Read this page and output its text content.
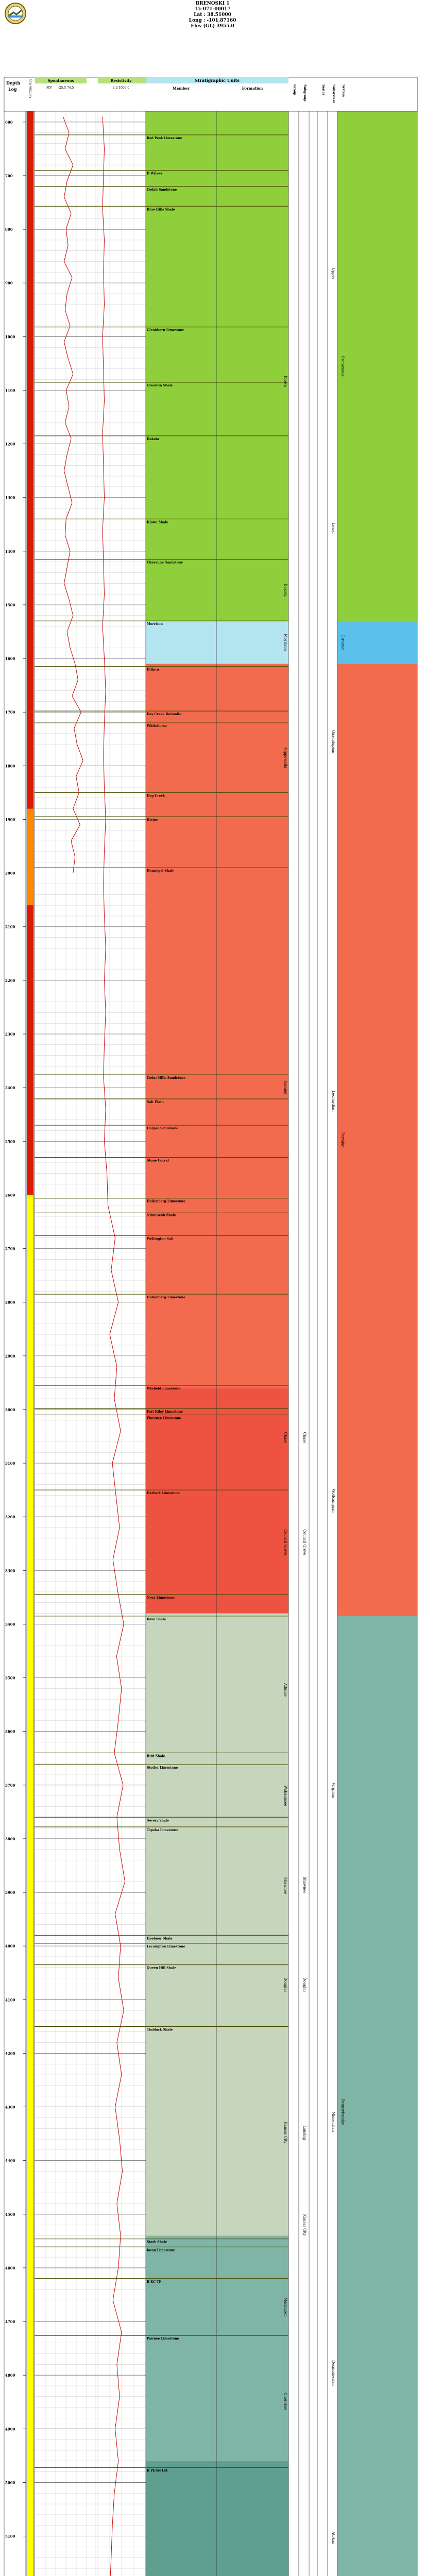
BRENOSKI 1
15-071-00017
Lat : 38.51000
Long : -101.87160
Elev (GL) 3955.0
Red Peak Limestone
D Wilwys
Cedah Sandstone
Blue Hills Shale
Glenkhorn Limestone
Greenwa Shale
Dakota
Kiowa Shale
Cheyenne Sandstone
Morrison
Dillpya
Day Creek Dolomite
Whitehorse
Dog Creek
Blaine
Hennepel Shale
Cedar Hills Sandstone
Salt Plain
Harper Sandstone
Stone Corral
Hollenberg Limestone
Wellington Salt
Ninnescah Shale
Hollenberg Limestone
Winfield Limestone
Fort Riley Limestone
Florence Limestone
Herbert Limestone
Neva Limestone
Beva Shale
Bird Shale
Stotler Limestone
Severy Shale
Topeka Limestone
Heebner Shale
Lecompton Limestone
Queen Hill Shale
Tinblack Shale
Stark Shale
Iatan Limestone
B KC TF
Pawnee Limestone
B PENN LM
Kiowa
Dakota
Morrison
Nippewalla
Sumner
Chase
Council Grove
Admire
Wabaunsee
Shawnee
Douglas
Kansas City
Marmaton
Cherokee
Chase
Council Grove
Shawnee
Douglas
Lansing
Kansas City
Upper
Lower
Guadalupian
Leonardian
Wolfcampian
Virgilian
Missourian
Desmoinesian
Atokan
Cretaceous
Jurassic
Permian
Pennsylvanian
Depth
Log	Gamma Ray	Spontaneous
MV -25.5 74.5
Resistivity
2.2 1000.0
Stratigraphic Units
Member	Formation	Group Subgroup	Series Subsystem System
600
700
800
900
1000
1100
1200
1300
1400
1500
1600
1700
1800
1900
2000
2100
2200
2300
2400
2500
2600
2700
2800
2900
3000
3100
3200
3300
3400
3500
3600
3700
3800
3900
4000
4100
4200
4300
4400
4500
4600
4700
4800
4900
5000
5100
